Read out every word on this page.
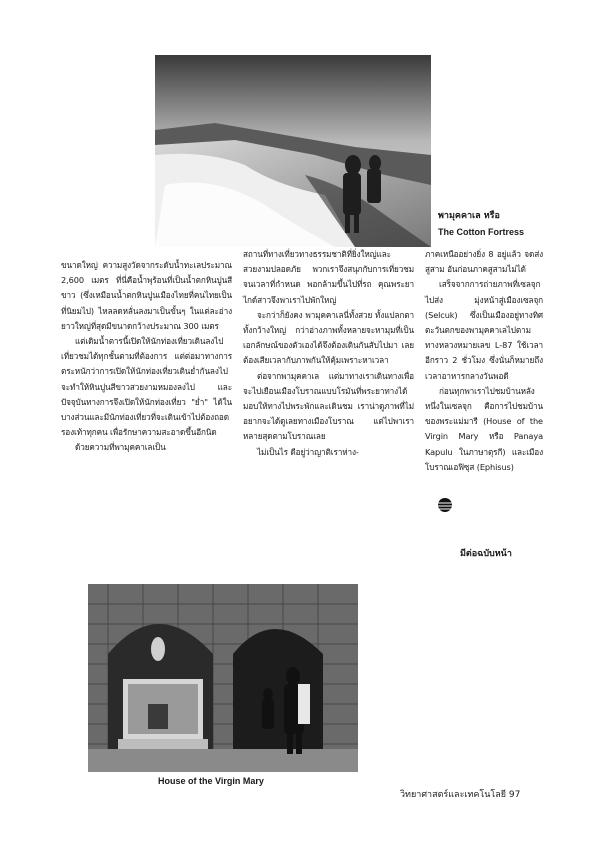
พามุคคาเล หรือ
The Cotton Fortress

ขนาดใหญ่ ความสูงวัดจากระดับน้ำทะเลประมาณ 2,600 เมตร ที่นี่คือน้ำพุร้อนที่เป็นน้ำตกหินปูนสีขาว (ซึ่งเหมือนน้ำตกหินปูนเมืองไทยที่คนไทยเป็นที่นิยมไป) ไหลลดหลั่นลงมาเป็นขั้นๆ ในแต่ละอ่าง ยาวใหญ่ที่สุดมีขนาดกว้างประมาณ 300 เมตร

แต่เดิมน้ำตารนี้เปิดให้นักท่องเที่ยวเดินลงไปเที่ยวชมได้ทุกชั้นตามที่ต้องการ แต่ต่อมาทางการตระหนักว่าการเปิดให้นักท่องเที่ยวเดินย่ำกันลงไปจะทำให้หินปูนสีขาวสวยงามหมองลงไป และปัจจุบันทางการจึงเปิดให้นักท่องเที่ยว "ย่ำ" ได้ในบางส่วนและมีนักท่องเที่ยวที่จะเดินเข้าไปต้องถอดรองเท้าทุกคน เพื่อรักษาความสะอาดขึ้นอีกนิด

ด้วยความที่พามุคคาเลเป็น

สถานที่ทางเที่ยวทางธรรมชาติที่ยิ่งใหญ่และสวยงามปลอดภัย พวกเราจึงสนุกกับการเที่ยวชมจนเวลาที่กำหนด พอกล้ามขึ้นไปที่รถ คุณพระยาไกด์สาวจึงพาเราไปพักใหญ่

จะกว่าก็ยังคง พามุคคาเลนี่ทั้งสวย ทั้งแปลกตา ทั้งกว้างใหญ่ กว่าอ่างภาพทั้งหลายจะหามุมที่เป็นเอกลักษณ์ของตัวเองได้จึงต้องเดินกันสับไปมา เลยต้องเสียเวลากับภาพกันให้คุ้มเพราะหาเวลา

ต่อจากพามุคคาเล แต่มาทางเราเดินทางเพื่อจะไปเยือนเมืองโบราณแบบโรมันที่พระยาทางได้มอบให้ทางไปพระพักและเดินชม เราน่าดูภาพที่ไม่อยากจะได้ดูเลยทางเมืองโบราณ แต่ไปพาเราหลายสุดตามโบราณเลย

ไม่เป็นไร ดีอยู่ว่าญาติเราห่าง-

ภาคเหนืออย่างยิ่ง 8 อยู่แล้ว จดส่งสูสาม อันก่อนภาคสูสามไม่ได้

เสร็จจากการถ่ายภาพที่เซลจุกไปส่ง มุ่งหน้าสู่เมืองเซลจุก (Selcuk) ซึ่งเป็นเมืองอยู่ทางทิศตะวันตกของพามุคคาเลไปตามทางหลวงหมายเลข L-87 ใช้เวลาอีกราว 2 ชั่วโมง ซึ่งนั่นก็หมายถึงเวลาอาหารกลางวันพอดี

ก่อนทุกพาเราไปชมบ้านหลังหนึ่งในเซลจุก คือการไปชมบ้านของพระแม่มารี (House of the Virgin Mary หรือ Panaya Kapulu ในภาษาตุรกี) และเมืองโบราณเอฟิซุส (Ephisus)

มีต่อฉบับหน้า
House of the Virgin Mary
วิทยาศาสตร์และเทคโนโลยี 97
